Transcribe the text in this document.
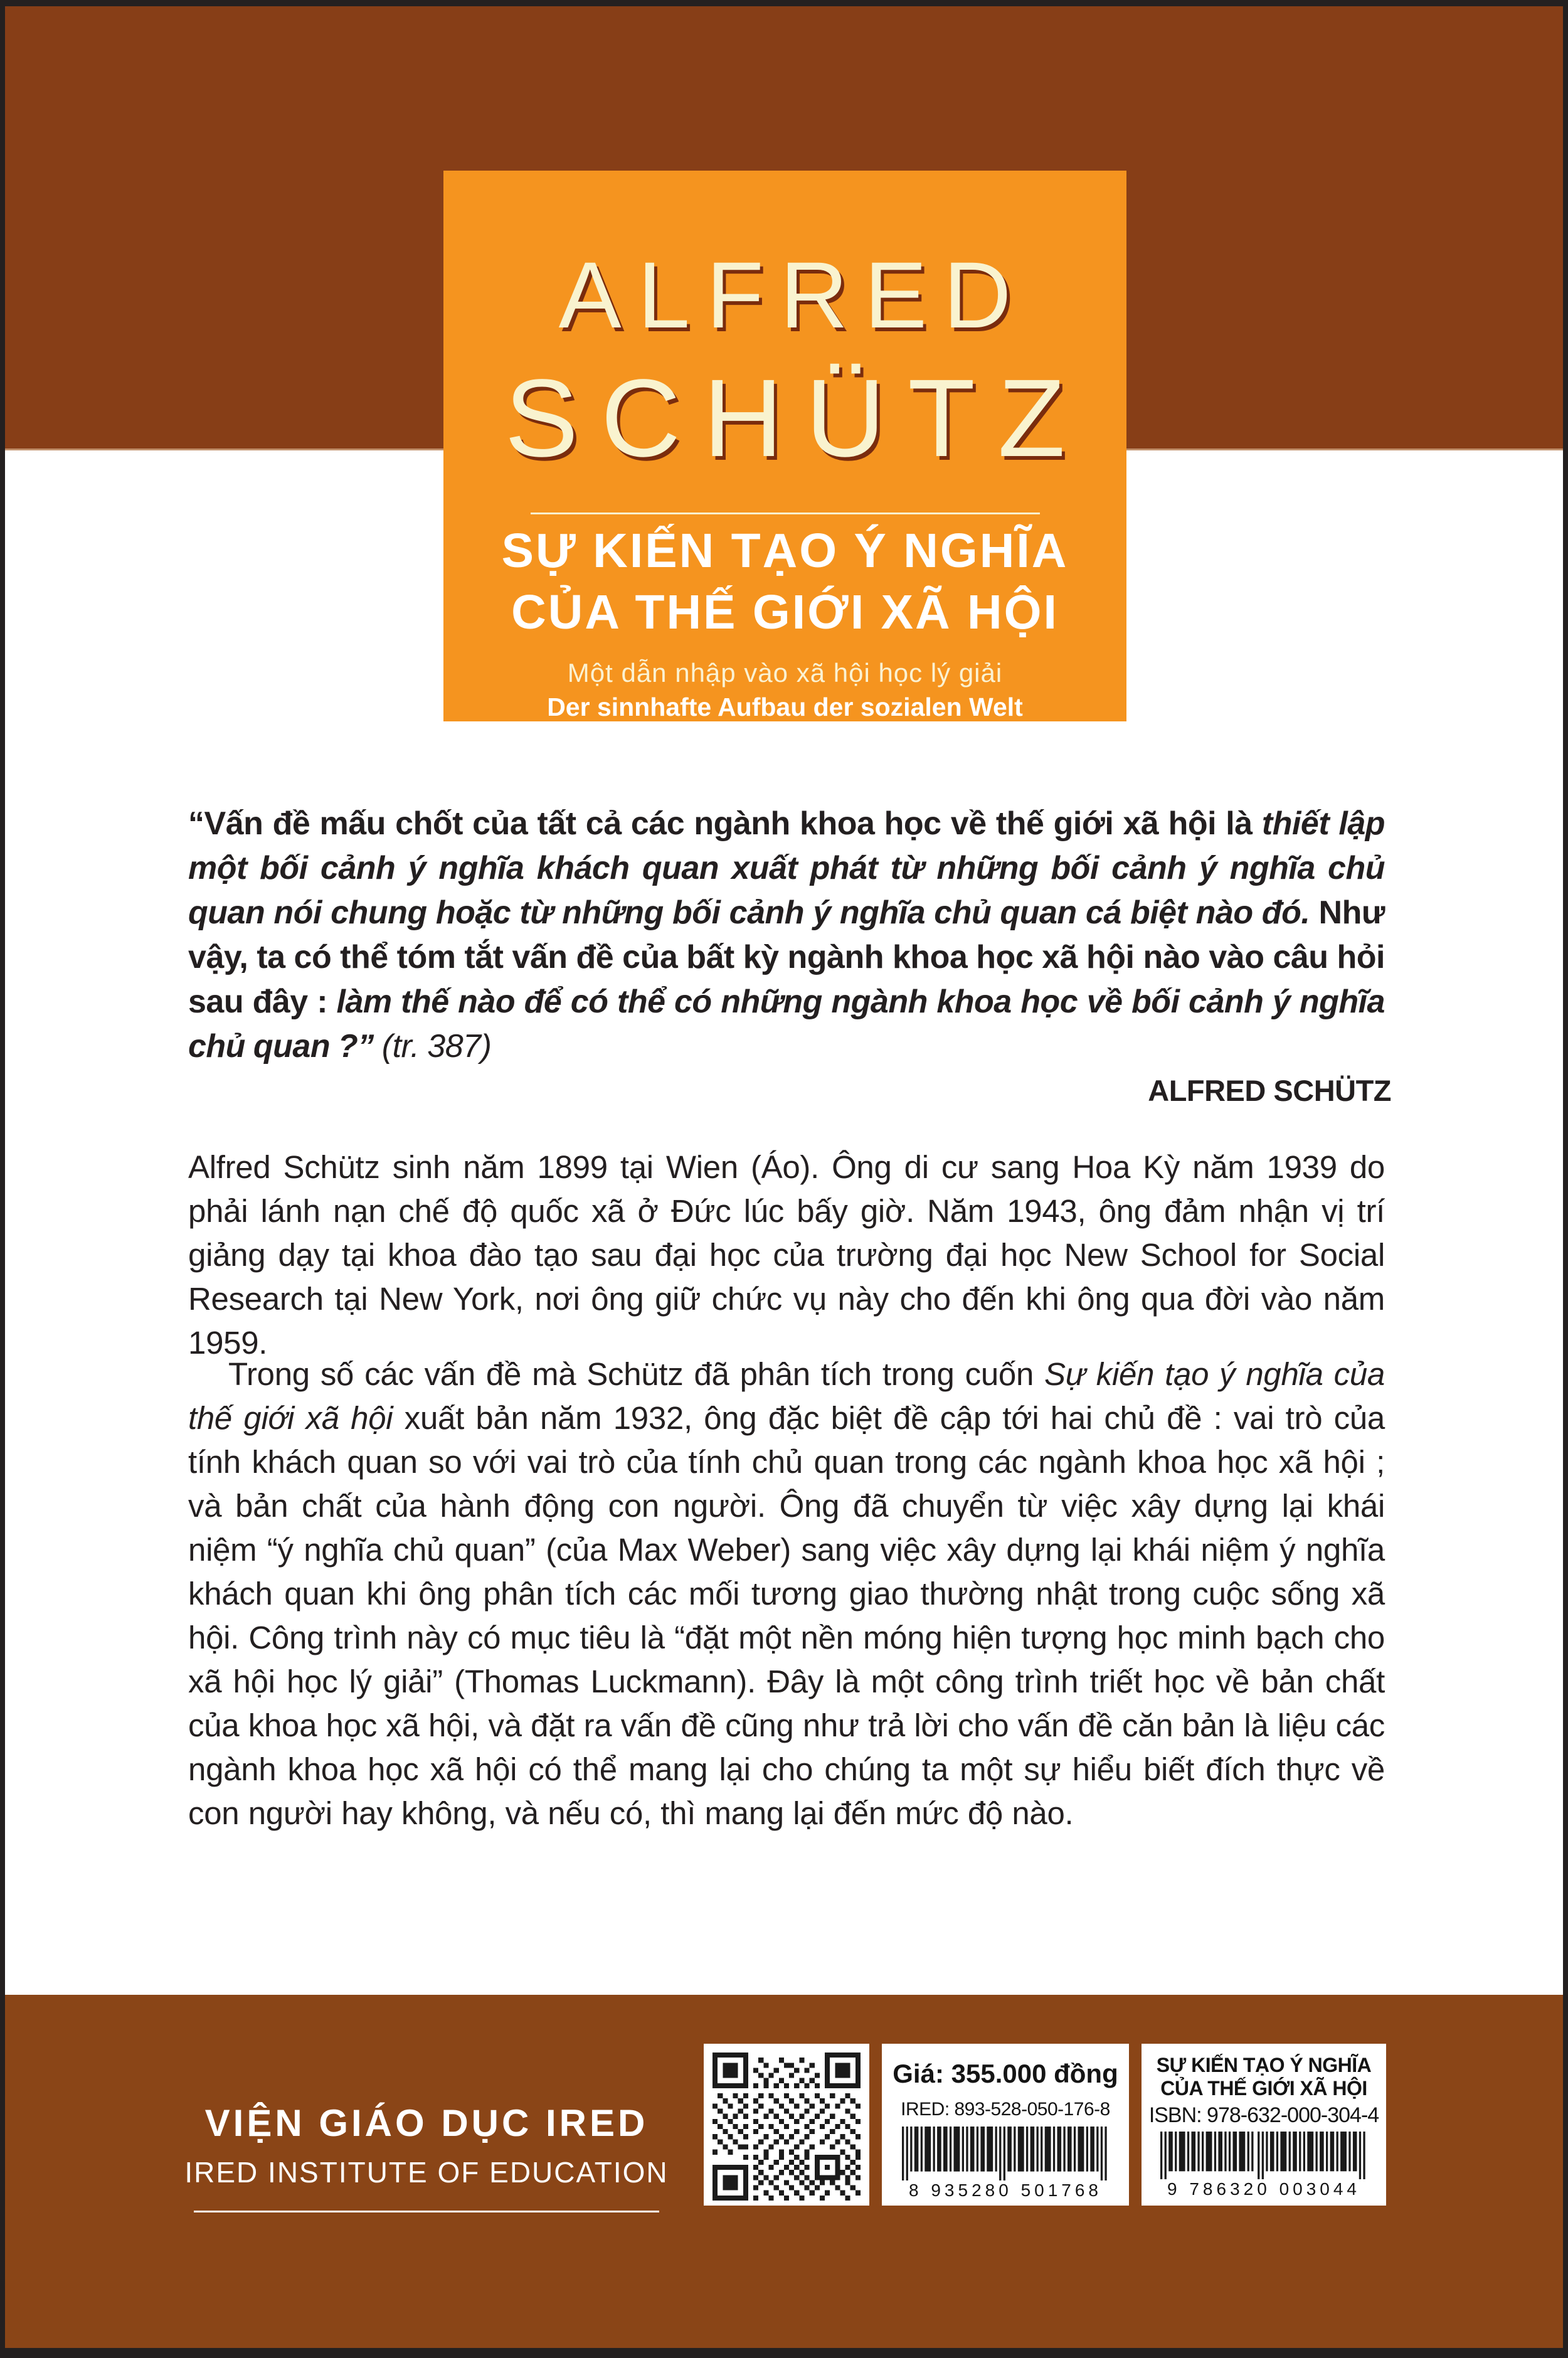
ALFRED
SCHÜTZ
SỰ KIẾN TẠO Ý NGHĨA
CỦA THẾ GIỚI XÃ HỘI
Một dẫn nhập vào xã hội học lý giải
Der sinnhafte Aufbau der sozialen Welt

“Vấn đề mấu chốt của tất cả các ngành khoa học về thế giới xã hội là thiết lập một bối cảnh ý nghĩa khách quan xuất phát từ những bối cảnh ý nghĩa chủ quan nói chung hoặc từ những bối cảnh ý nghĩa chủ quan cá biệt nào đó. Như vậy, ta có thể tóm tắt vấn đề của bất kỳ ngành khoa học xã hội nào vào câu hỏi sau đây : làm thế nào để có thể có những ngành khoa học về bối cảnh ý nghĩa chủ quan ?” (tr. 387)

ALFRED SCHÜTZ

Alfred Schütz sinh năm 1899 tại Wien (Áo). Ông di cư sang Hoa Kỳ năm 1939 do phải lánh nạn chế độ quốc xã ở Đức lúc bấy giờ. Năm 1943, ông đảm nhận vị trí giảng dạy tại khoa đào tạo sau đại học của trường đại học New School for Social Research tại New York, nơi ông giữ chức vụ này cho đến khi ông qua đời vào năm 1959.

Trong số các vấn đề mà Schütz đã phân tích trong cuốn Sự kiến tạo ý nghĩa của thế giới xã hội xuất bản năm 1932, ông đặc biệt đề cập tới hai chủ đề : vai trò của tính khách quan so với vai trò của tính chủ quan trong các ngành khoa học xã hội ; và bản chất của hành động con người. Ông đã chuyển từ việc xây dựng lại khái niệm “ý nghĩa chủ quan” (của Max Weber) sang việc xây dựng lại khái niệm ý nghĩa khách quan khi ông phân tích các mối tương giao thường nhật trong cuộc sống xã hội. Công trình này có mục tiêu là “đặt một nền móng hiện tượng học minh bạch cho xã hội học lý giải” (Thomas Luckmann). Đây là một công trình triết học về bản chất của khoa học xã hội, và đặt ra vấn đề cũng như trả lời cho vấn đề căn bản là liệu các ngành khoa học xã hội có thể mang lại cho chúng ta một sự hiểu biết đích thực về con người hay không, và nếu có, thì mang lại đến mức độ nào.

VIỆN GIÁO DỤC IRED
IRED INSTITUTE OF EDUCATION
Giá: 355.000 đồng
IRED: 893-528-050-176-8
8 935280 501768
SỰ KIẾN TẠO Ý NGHĨA
CỦA THẾ GIỚI XÃ HỘI
ISBN: 978-632-000-304-4
9 786320 003044
